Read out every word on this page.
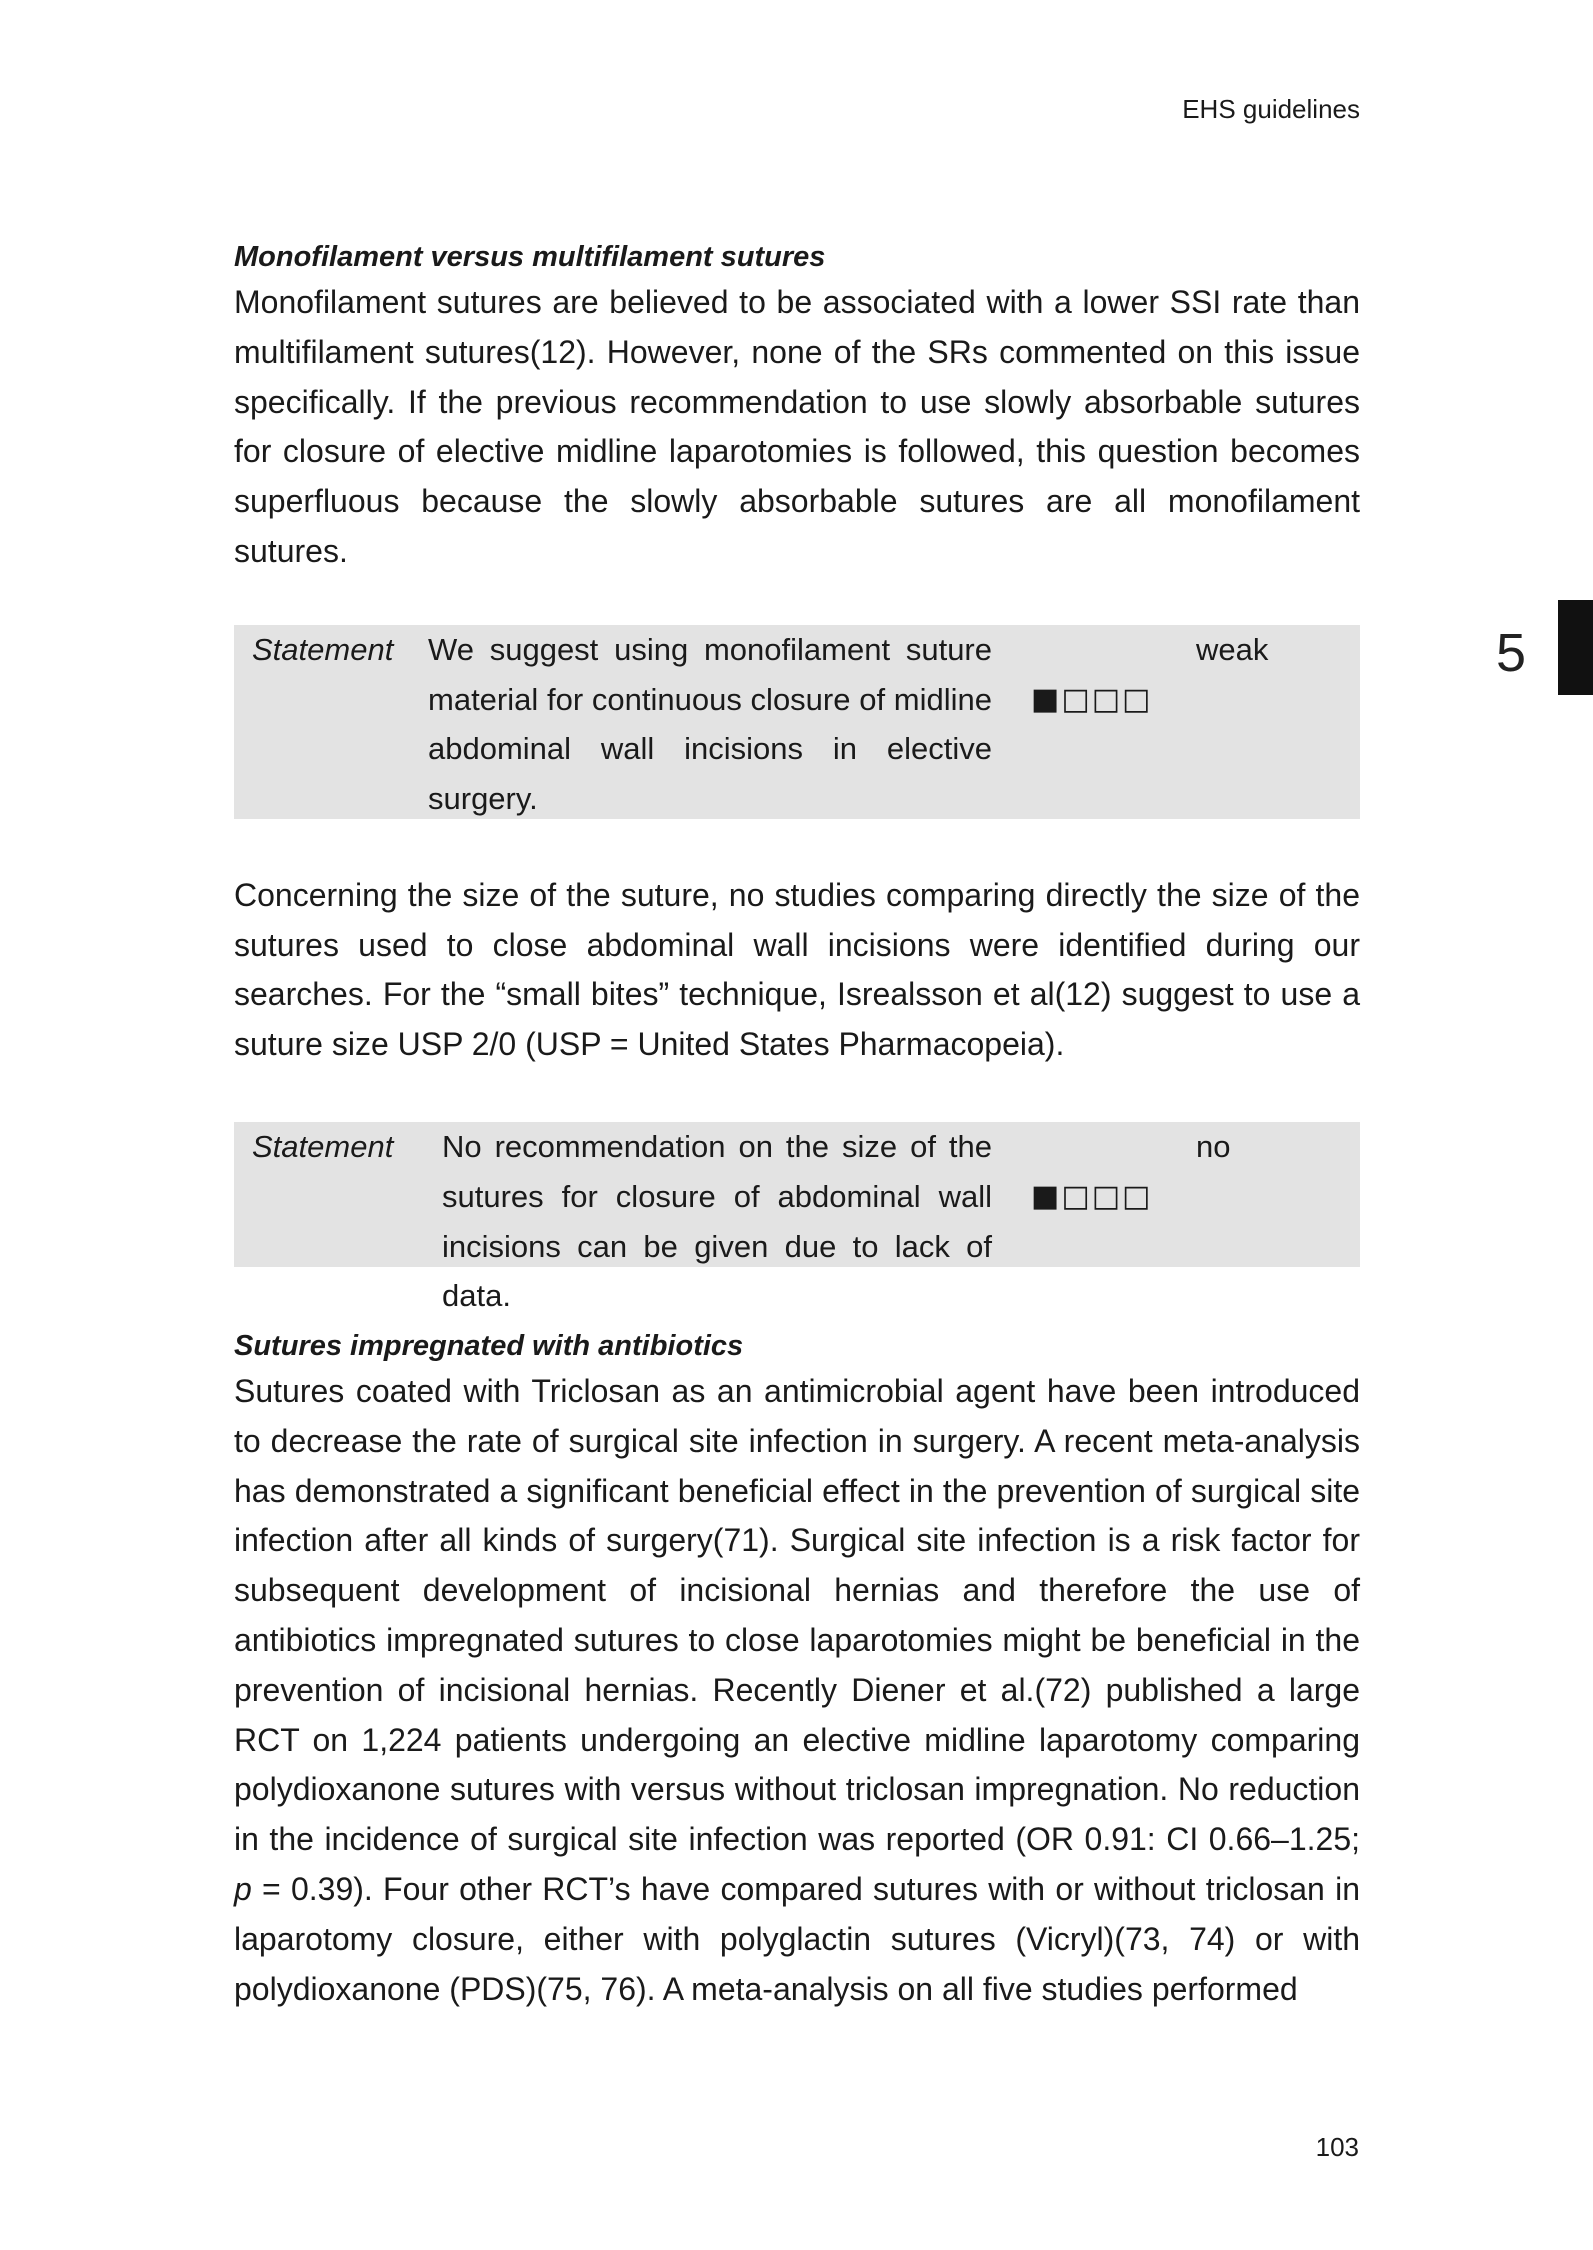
EHS guidelines
5
Monofilament versus multifilament sutures

Monofilament sutures are believed to be associated with a lower SSI rate than multifilament sutures(12). However, none of the SRs commented on this issue specifically. If the previous recommendation to use slowly absorbable sutures for closure of elective midline laparotomies is followed, this question becomes superfluous because the slowly absorbable sutures are all monofilament sutures.

Statement We suggest using monofilament suture material for continuous closure of midline abdominal wall incisions in elective surgery.
■□□□
weak

Concerning the size of the suture, no studies comparing directly the size of the sutures used to close abdominal wall incisions were identified during our searches. For the “small bites” technique, Isrealsson et al(12) suggest to use a suture size USP 2/0 (USP = United States Pharmacopeia).

Statement No recommendation on the size of the sutures for closure of abdominal wall incisions can be given due to lack of data.
■□□□
no
Sutures impregnated with antibiotics

Sutures coated with Triclosan as an antimicrobial agent have been introduced to decrease the rate of surgical site infection in surgery. A recent meta-analysis has demonstrated a significant beneficial effect in the prevention of surgical site infection after all kinds of surgery(71). Surgical site infection is a risk factor for subsequent development of incisional hernias and therefore the use of antibiotics impregnated sutures to close laparotomies might be beneficial in the prevention of incisional hernias. Recently Diener et al.(72) published a large RCT on 1,224 patients undergoing an elective midline laparotomy comparing polydioxanone sutures with versus without triclosan impregnation. No reduction in the incidence of surgical site infection was reported (OR 0.91: CI 0.66–1.25; p = 0.39). Four other RCT’s have compared sutures with or without triclosan in laparotomy closure, either with polyglactin sutures (Vicryl)(73, 74) or with polydioxanone (PDS)(75, 76). A meta-analysis on all five studies performed

103
